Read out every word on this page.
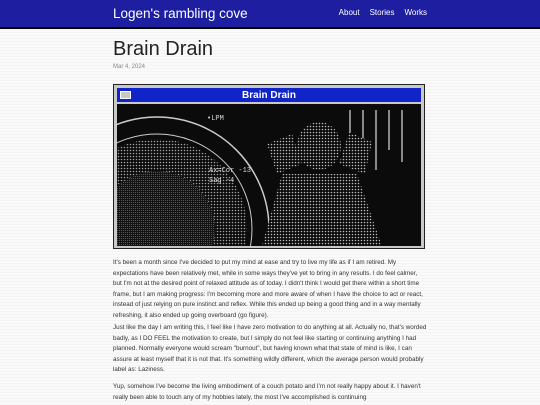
Logen's rambling cove	About Stories Works
Brain Drain
Mar 4, 2024
Brain Drain
•LPM
Ax=Cor -13
Sag -4

It's been a month since I've decided to put my mind at ease and try to live my life as if I am retired. My expectations have been relatively met, while in some ways they've yet to bring in any results. I do feel calmer, but I'm not at the desired point of relaxed attitude as of today. I didn't think I would get there within a short time frame, but I am making progress: I'm becoming more and more aware of when I have the choice to act or react, instead of just relying on pure instinct and reflex. While this ended up being a good thing and in a way mentally refreshing, it also ended up going overboard (go figure).

Just like the day I am writing this, I feel like I have zero motivation to do anything at all. Actually no, that's worded badly, as I DO FEEL the motivation to create, but I simply do not feel like starting or continuing anything I had planned. Normally everyone would scream "burnout", but having known what that state of mind is like, I can assure at least myself that it is not that. It's something wildly different, which the average person would probably label as: Laziness.

Yup, somehow I've become the living embodiment of a couch potato and I'm not really happy about it. I haven't really been able to touch any of my hobbies lately, the most I've accomplished is continuing
